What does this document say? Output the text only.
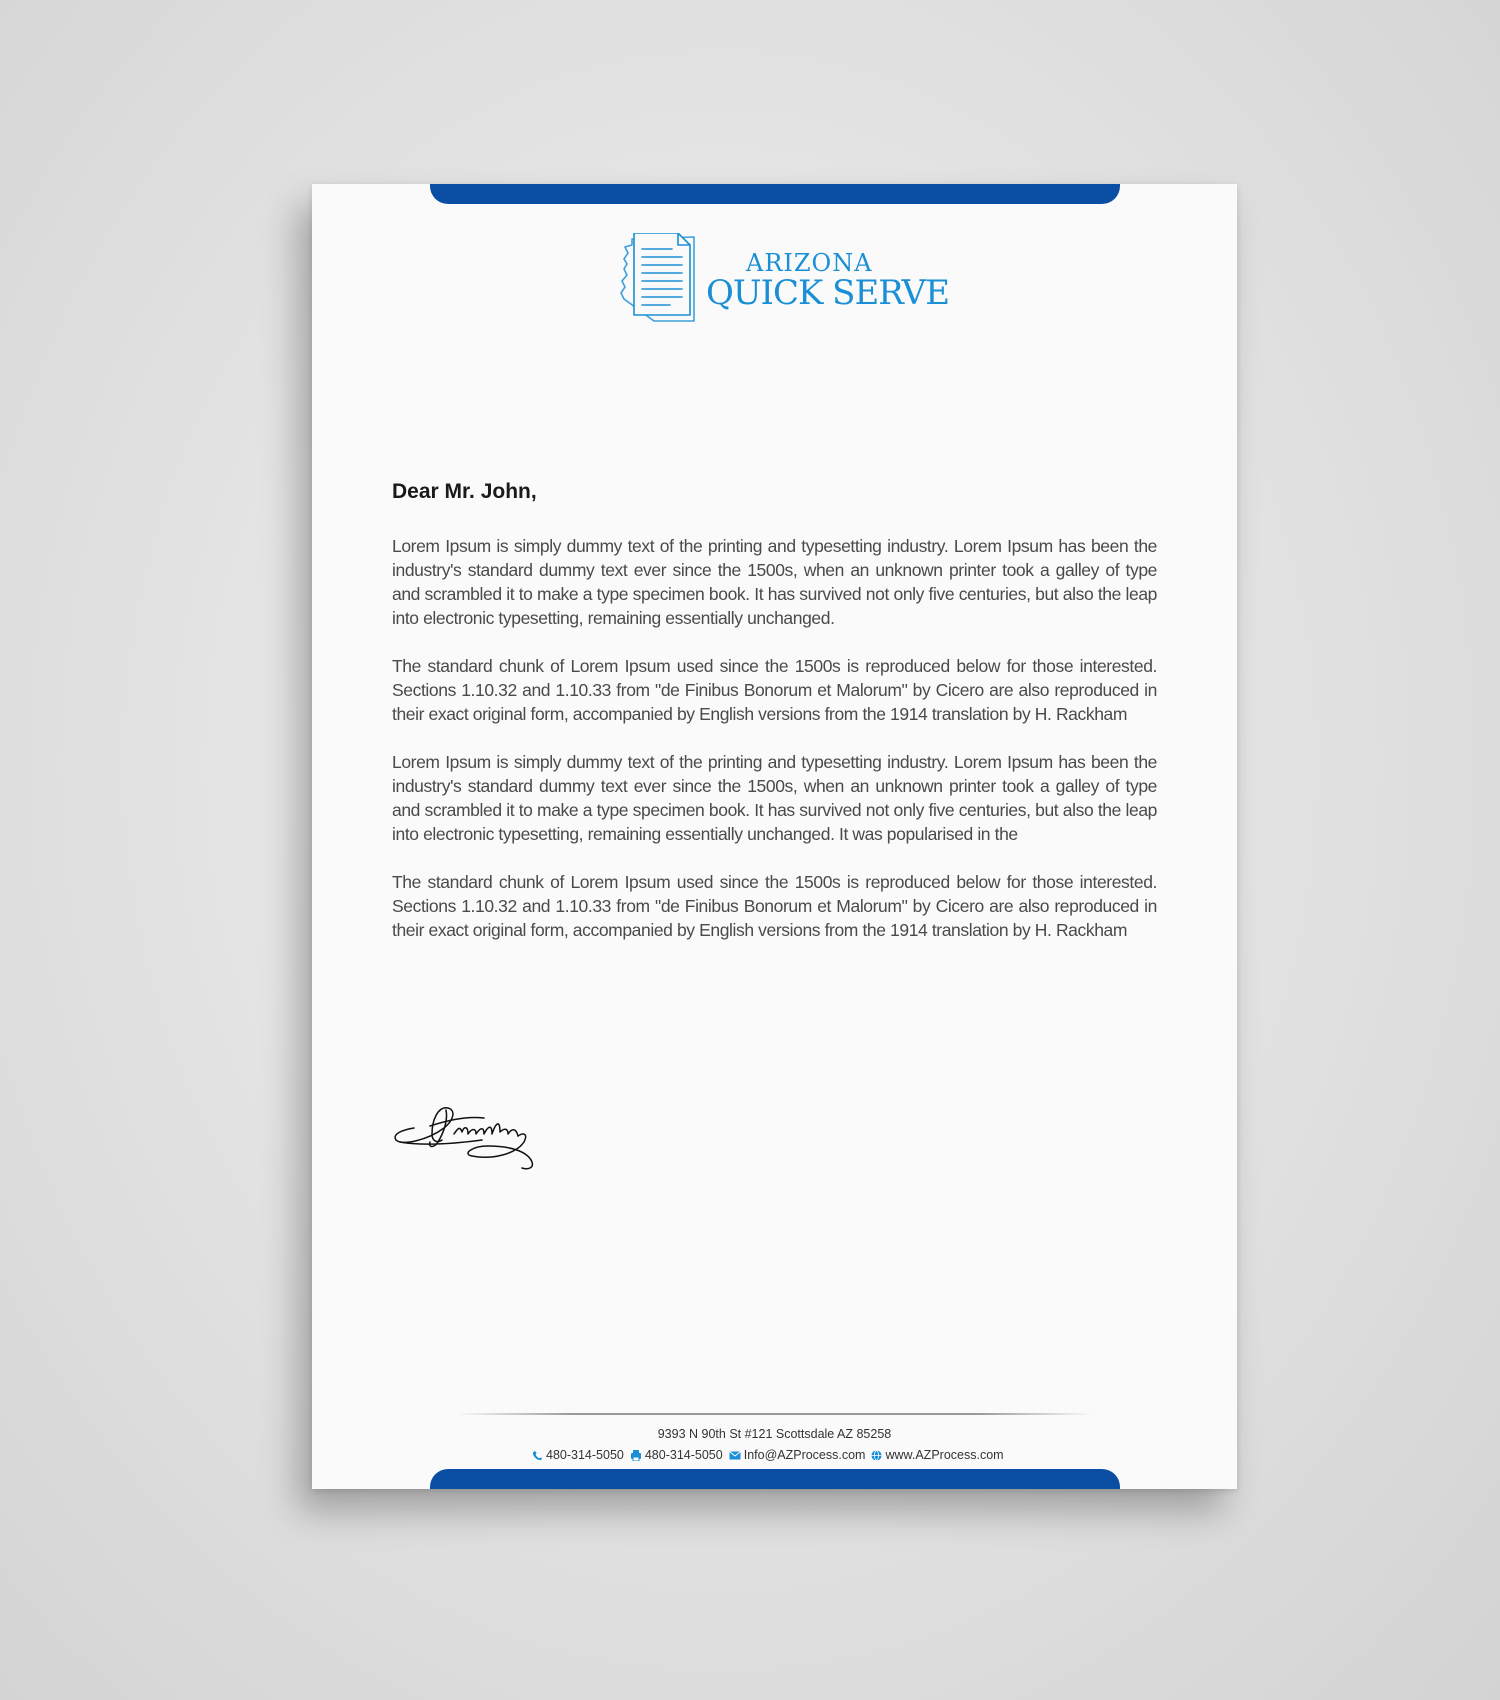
ARIZONA
QUICK SERVE
Dear Mr. John,

Lorem Ipsum is simply dummy text of the printing and typesetting industry. Lorem Ipsum has been the industry's standard dummy text ever since the 1500s, when an unknown printer took a galley of type and scrambled it to make a type specimen book. It has survived not only five centuries, but also the leap into electronic typesetting, remaining essentially unchanged.

The standard chunk of Lorem Ipsum used since the 1500s is reproduced below for those interested. Sections 1.10.32 and 1.10.33 from "de Finibus Bonorum et Malorum" by Cicero are also reproduced in their exact original form, accompanied by English versions from the 1914 translation by H. Rackham

Lorem Ipsum is simply dummy text of the printing and typesetting industry. Lorem Ipsum has been the industry's standard dummy text ever since the 1500s, when an unknown printer took a galley of type and scrambled it to make a type specimen book. It has survived not only five centuries, but also the leap into electronic typesetting, remaining essentially unchanged. It was popularised in the

The standard chunk of Lorem Ipsum used since the 1500s is reproduced below for those interested. Sections 1.10.32 and 1.10.33 from "de Finibus Bonorum et Malorum" by Cicero are also reproduced in their exact original form, accompanied by English versions from the 1914 translation by H. Rackham

9393 N 90th St #121 Scottsdale AZ 85258
480-314-5050 480-314-5050 Info@AZProcess.com www.AZProcess.com
